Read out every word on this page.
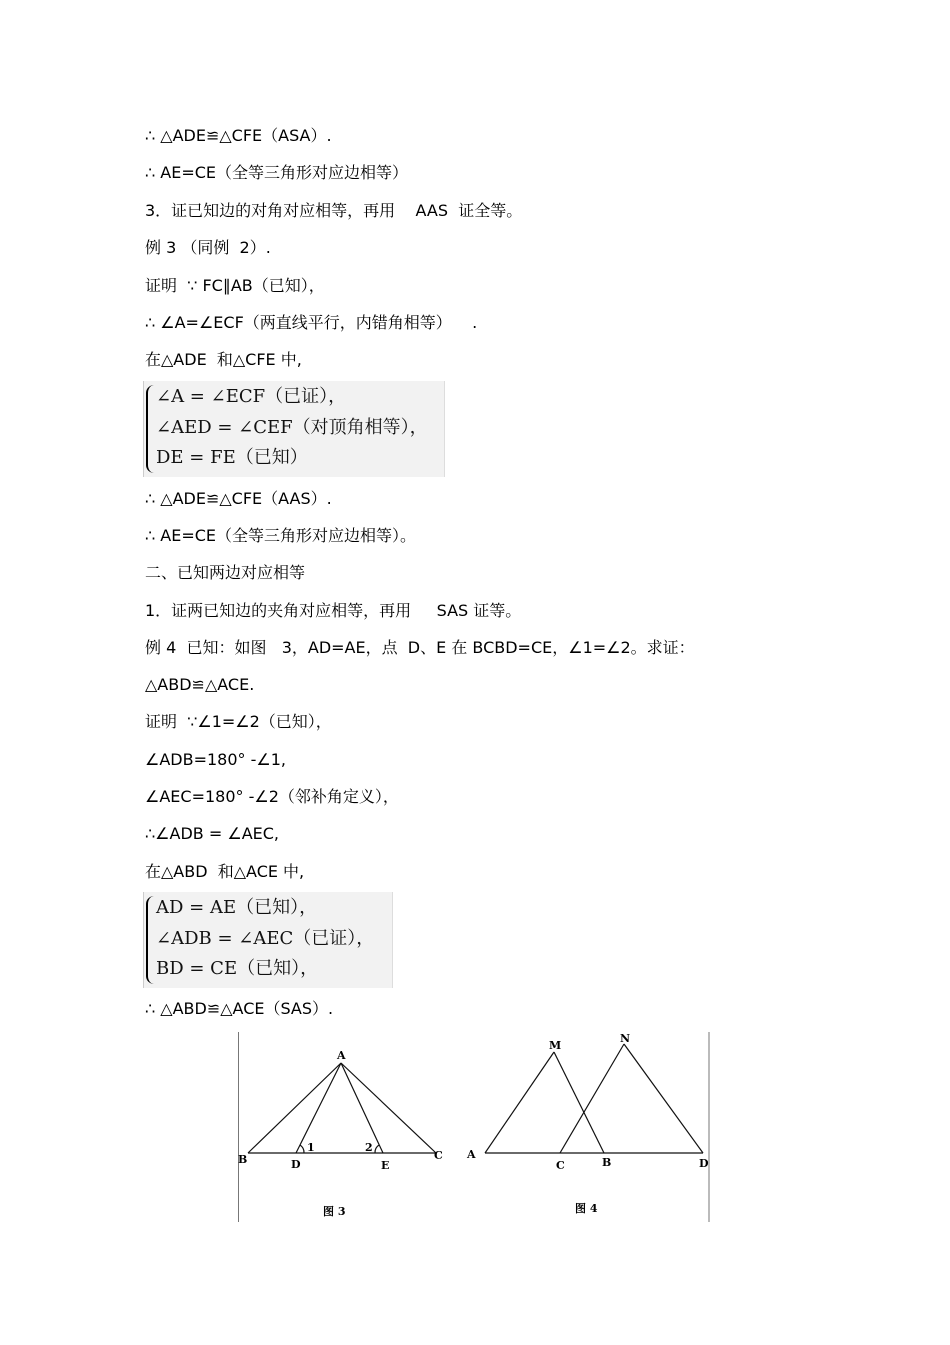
∴ △ADE≌△CFE（ASA）.
∴ AE=CE（全等三角形对应边相等）
3．证已知边的对角对应相等，再用    AAS  证全等。
例 3 （同例  2）.
证明  ∵ FC∥AB（已知），
∴ ∠A=∠ECF（两直线平行，内错角相等）    .
在△ADE  和△CFE 中,
∠A = ∠ECF（已证），
∠AED = ∠CEF（对顶角相等），
DE = FE（已知）
∴ △ADE≌△CFE（AAS）.
∴ AE=CE（全等三角形对应边相等）。
二、已知两边对应相等
1．证两已知边的夹角对应相等，再用     SAS 证等。
例 4  已知：如图   3，AD=AE，点  D、E 在 BCBD=CE，∠1=∠2。求证：
△ABD≌△ACE.
证明  ∵∠1=∠2（已知），
∠ADB=180° -∠1,
∠AEC=180° -∠2（邻补角定义），
∴∠ADB = ∠AEC,
在△ABD  和△ACE 中,
AD = AE（已知），
∠ADB = ∠AEC（已证），
BD = CE（已知），
∴ △ABD≌△ACE（SAS）.
A
B	C
D	E
1	2
图 3
M
N
A
B
C	D
图 4
